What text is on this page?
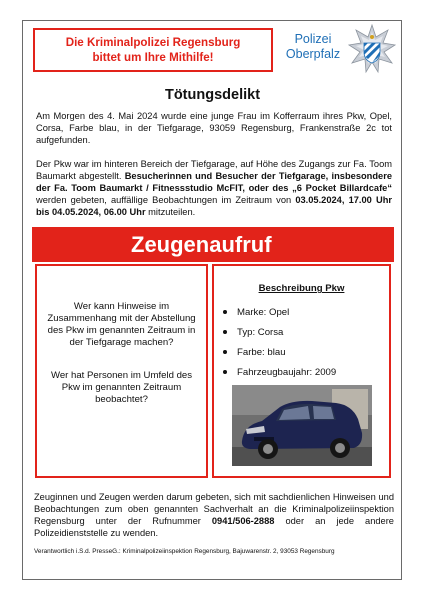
Die Kriminalpolizei Regensburg
bittet um Ihre Mithilfe!
Polizei
Oberpfalz
Tötungsdelikt

Am Morgen des 4. Mai 2024 wurde eine junge Frau im Kofferraum ihres Pkw, Opel, Corsa, Farbe blau, in der Tiefgarage, 93059 Regensburg, Frankenstraße 2c tot aufgefunden.

Der Pkw war im hinteren Bereich der Tiefgarage, auf Höhe des Zugangs zur Fa. Toom Baumarkt abgestellt. Besucherinnen und Besucher der Tiefgarage, insbesondere der Fa. Toom Baumarkt / Fitnessstudio McFIT, oder des „6 Pocket Billardcafe“ werden gebeten, auffällige Beobachtungen im Zeitraum von 03.05.2024, 17.00 Uhr bis 04.05.2024, 06.00 Uhr mitzuteilen.

Zeugenaufruf

Wer kann Hinweise im Zusammenhang mit der Abstellung des Pkw im genannten Zeitraum in der Tiefgarage machen?

Wer hat Personen im Umfeld des Pkw im genannten Zeitraum beobachtet?

Beschreibung Pkw
Marke: Opel
Typ: Corsa
Farbe: blau
Fahrzeugbaujahr: 2009

Zeuginnen und Zeugen werden darum gebeten, sich mit sachdienlichen Hinweisen und Beobachtungen zum oben genannten Sachverhalt an die Kriminalpolizeiinspektion Regensburg unter der Rufnummer 0941/506-2888 oder an jede andere Polizeidienststelle zu wenden.

Verantwortlich i.S.d. PresseG.: Kriminalpolizeiinspektion Regensburg, Bajuwarenstr. 2, 93053 Regensburg
